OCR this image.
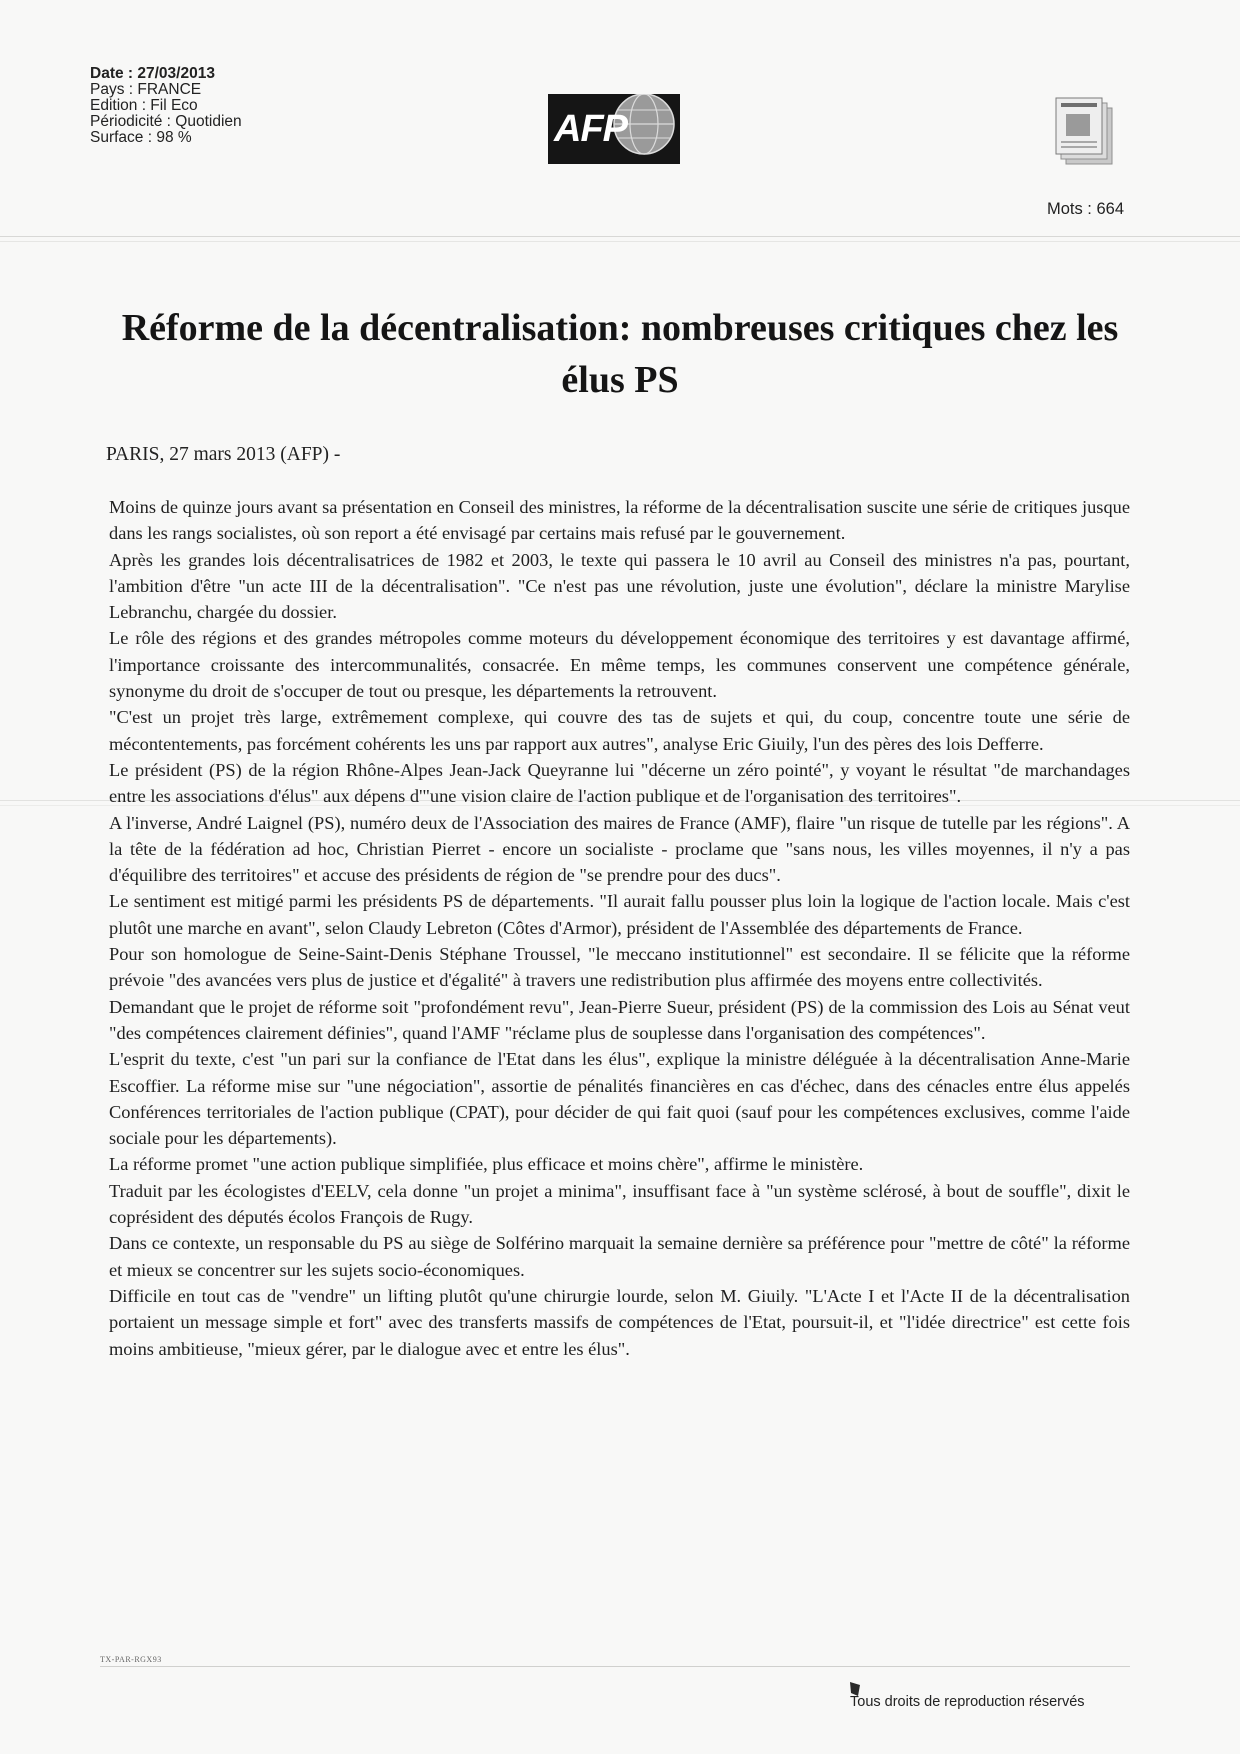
Date : 27/03/2013
Pays : FRANCE
Edition : Fil Eco
Périodicité : Quotidien
Surface : 98 %	AFP
Mots : 664
Réforme de la décentralisation: nombreuses critiques chez les élus PS
PARIS, 27 mars 2013 (AFP) -

Moins de quinze jours avant sa présentation en Conseil des ministres, la réforme de la décentralisation suscite une série de critiques jusque dans les rangs socialistes, où son report a été envisagé par certains mais refusé par le gouvernement.

Après les grandes lois décentralisatrices de 1982 et 2003, le texte qui passera le 10 avril au Conseil des ministres n'a pas, pourtant, l'ambition d'être "un acte III de la décentralisation". "Ce n'est pas une révolution, juste une évolution", déclare la ministre Marylise Lebranchu, chargée du dossier.

Le rôle des régions et des grandes métropoles comme moteurs du développement économique des territoires y est davantage affirmé, l'importance croissante des intercommunalités, consacrée. En même temps, les communes conservent une compétence générale, synonyme du droit de s'occuper de tout ou presque, les départements la retrouvent.

"C'est un projet très large, extrêmement complexe, qui couvre des tas de sujets et qui, du coup, concentre toute une série de mécontentements, pas forcément cohérents les uns par rapport aux autres", analyse Eric Giuily, l'un des pères des lois Defferre.

Le président (PS) de la région Rhône-Alpes Jean-Jack Queyranne lui "décerne un zéro pointé", y voyant le résultat "de marchandages entre les associations d'élus" aux dépens d'"une vision claire de l'action publique et de l'organisation des territoires".

A l'inverse, André Laignel (PS), numéro deux de l'Association des maires de France (AMF), flaire "un risque de tutelle par les régions". A la tête de la fédération ad hoc, Christian Pierret - encore un socialiste - proclame que "sans nous, les villes moyennes, il n'y a pas d'équilibre des territoires" et accuse des présidents de région de "se prendre pour des ducs".

Le sentiment est mitigé parmi les présidents PS de départements. "Il aurait fallu pousser plus loin la logique de l'action locale. Mais c'est plutôt une marche en avant", selon Claudy Lebreton (Côtes d'Armor), président de l'Assemblée des départements de France.

Pour son homologue de Seine-Saint-Denis Stéphane Troussel, "le meccano institutionnel" est secondaire. Il se félicite que la réforme prévoie "des avancées vers plus de justice et d'égalité" à travers une redistribution plus affirmée des moyens entre collectivités.

Demandant que le projet de réforme soit "profondément revu", Jean-Pierre Sueur, président (PS) de la commission des Lois au Sénat veut "des compétences clairement définies", quand l'AMF "réclame plus de souplesse dans l'organisation des compétences".

L'esprit du texte, c'est "un pari sur la confiance de l'Etat dans les élus", explique la ministre déléguée à la décentralisation Anne-Marie Escoffier. La réforme mise sur "une négociation", assortie de pénalités financières en cas d'échec, dans des cénacles entre élus appelés Conférences territoriales de l'action publique (CPAT), pour décider de qui fait quoi (sauf pour les compétences exclusives, comme l'aide sociale pour les départements).

La réforme promet "une action publique simplifiée, plus efficace et moins chère", affirme le ministère.

Traduit par les écologistes d'EELV, cela donne "un projet a minima", insuffisant face à "un système sclérosé, à bout de souffle", dixit le coprésident des députés écolos François de Rugy.

Dans ce contexte, un responsable du PS au siège de Solférino marquait la semaine dernière sa préférence pour "mettre de côté" la réforme et mieux se concentrer sur les sujets socio-économiques.

Difficile en tout cas de "vendre" un lifting plutôt qu'une chirurgie lourde, selon M. Giuily. "L'Acte I et l'Acte II de la décentralisation portaient un message simple et fort" avec des transferts massifs de compétences de l'Etat, poursuit-il, et "l'idée directrice" est cette fois moins ambitieuse, "mieux gérer, par le dialogue avec et entre les élus".

TX-PAR-RGX93
Tous droits de reproduction réservés
